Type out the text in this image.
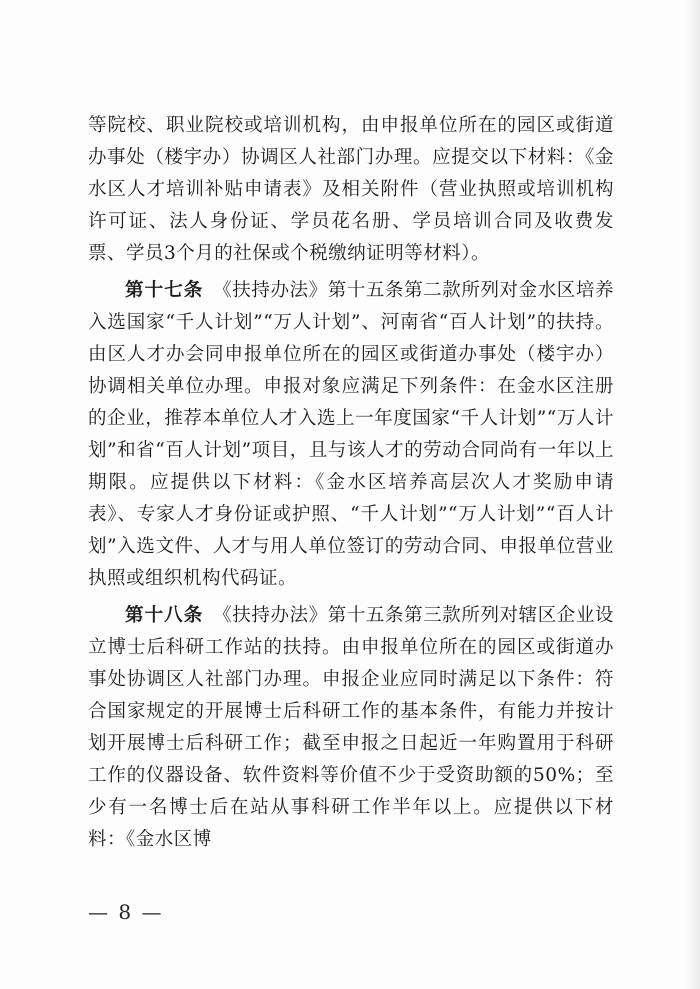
等院校、职业院校或培训机构，由申报单位所在的园区或街道办事处（楼宇办）协调区人社部门办理。应提交以下材料：《金水区人才培训补贴申请表》及相关附件（营业执照或培训机构许可证、法人身份证、学员花名册、学员培训合同及收费发票、学员3个月的社保或个税缴纳证明等材料）。

第十七条　 《扶持办法》第十五条第二款所列对金水区培养入选国家“千人计划”“万人计划”、河南省“百人计划”的扶持。由区人才办会同申报单位所在的园区或街道办事处（楼宇办）协调相关单位办理。申报对象应满足下列条件：在金水区注册的企业，推荐本单位人才入选上一年度国家“千人计划”“万人计划”和省“百人计划”项目，且与该人才的劳动合同尚有一年以上期限。应提供以下材料：《金水区培养高层次人才奖励申请表》、专家人才身份证或护照、“千人计划”“万人计划”“百人计划”入选文件、人才与用人单位签订的劳动合同、申报单位营业执照或组织机构代码证。

第十八条　 《扶持办法》第十五条第三款所列对辖区企业设立博士后科研工作站的扶持。由申报单位所在的园区或街道办事处协调区人社部门办理。申报企业应同时满足以下条件：符合国家规定的开展博士后科研工作的基本条件，有能力并按计划开展博士后科研工作；截至申报之日起近一年购置用于科研工作的仪器设备、软件资料等价值不少于受资助额的50%；至少有一名博士后在站从事科研工作半年以上。应提供以下材料：《金水区博

— 8 —
